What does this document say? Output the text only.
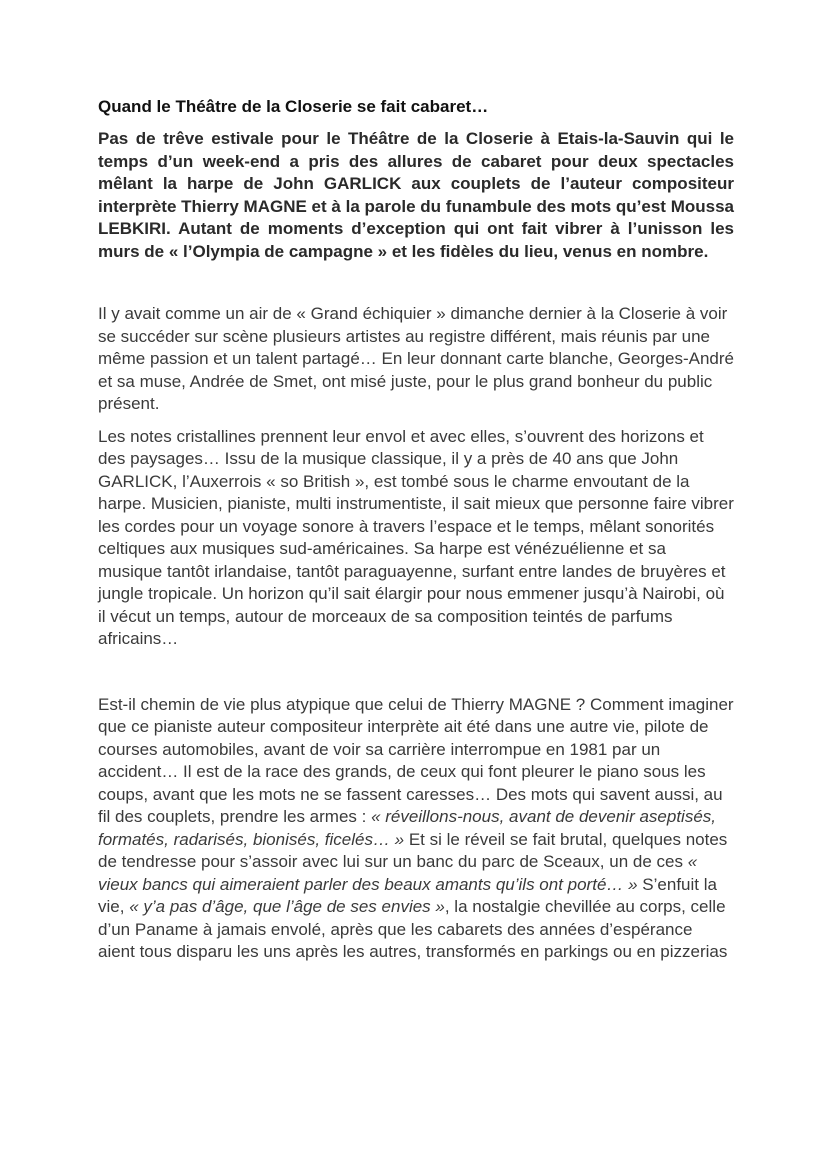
Quand le Théâtre de la Closerie se fait cabaret…

Pas de trêve estivale pour le Théâtre de la Closerie à Etais-la-Sauvin qui le temps d’un week-end a pris des allures de cabaret pour deux spectacles mêlant la harpe de John GARLICK aux couplets de l’auteur compositeur interprète Thierry MAGNE et à la parole du funambule des mots qu’est Moussa LEBKIRI. Autant de moments d’exception qui ont fait vibrer à l’unisson les murs de « l’Olympia de campagne » et les fidèles du lieu, venus en nombre.

Il y avait comme un air de « Grand échiquier » dimanche dernier à la Closerie à voir se succéder sur scène plusieurs artistes au registre différent, mais réunis par une même passion et un talent partagé… En leur donnant carte blanche, Georges-André et sa muse, Andrée de Smet, ont misé juste, pour le plus grand bonheur du public présent.

Les notes cristallines prennent leur envol et avec elles, s’ouvrent des horizons et des paysages… Issu de la musique classique, il y a près de 40 ans que John GARLICK, l’Auxerrois « so British », est tombé sous le charme envoutant de la harpe. Musicien, pianiste, multi instrumentiste, il sait mieux que personne faire vibrer les cordes pour un voyage sonore à travers l’espace et le temps, mêlant sonorités celtiques aux musiques sud-américaines. Sa harpe est vénézuélienne et sa musique tantôt irlandaise, tantôt paraguayenne, surfant entre landes de bruyères et jungle tropicale. Un horizon qu’il sait élargir pour nous emmener jusqu’à Nairobi, où il vécut un temps, autour de morceaux de sa composition teintés de parfums africains…

Est-il chemin de vie plus atypique que celui de Thierry MAGNE ? Comment imaginer que ce pianiste auteur compositeur interprète ait été dans une autre vie, pilote de courses automobiles, avant de voir sa carrière interrompue en 1981 par un accident… Il est de la race des grands, de ceux qui font pleurer le piano sous les coups, avant que les mots ne se fassent caresses… Des mots qui savent aussi, au fil des couplets, prendre les armes : « réveillons-nous, avant de devenir aseptisés, formatés, radarisés, bionisés, ficelés… » Et si le réveil se fait brutal, quelques notes de tendresse pour s’assoir avec lui sur un banc du parc de Sceaux, un de ces « vieux bancs qui aimeraient parler des beaux amants qu’ils ont porté… » S’enfuit la vie, « y’a pas d’âge, que l’âge de ses envies », la nostalgie chevillée au corps, celle d’un Paname à jamais envolé, après que les cabarets des années d’espérance aient tous disparu les uns après les autres, transformés en parkings ou en pizzerias
